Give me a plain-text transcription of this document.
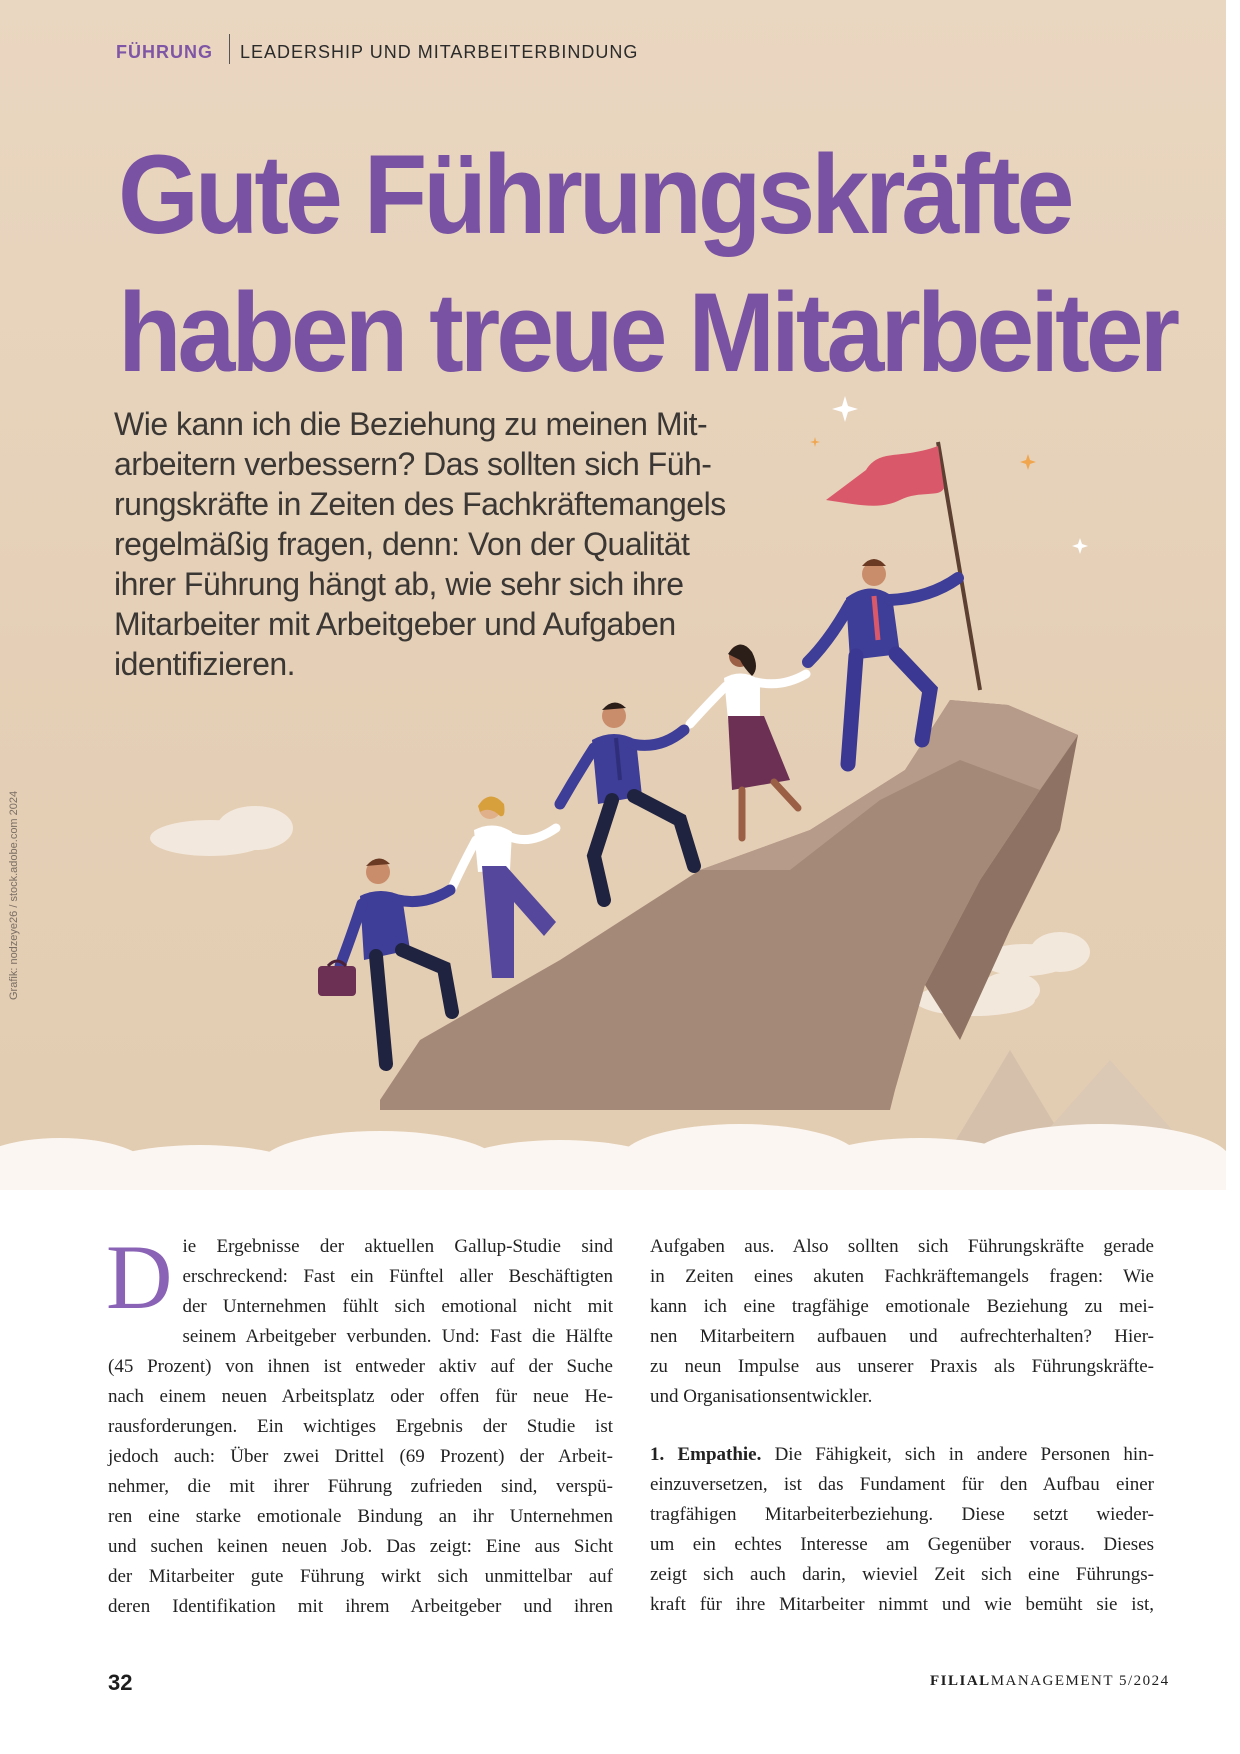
FÜHRUNG LEADERSHIP UND MITARBEITERBINDUNG
Gute Führungskräfte
haben treue Mitarbeiter
Wie kann ich die Beziehung zu meinen Mit-
arbeitern verbessern? Das sollten sich Füh-
rungskräfte in Zeiten des Fachkräftemangels
regelmäßig fragen, denn: Von der Qualität
ihrer Führung hängt ab, wie sehr sich ihre
Mitarbeiter mit Arbeitgeber und Aufgaben
identifizieren.
Grafik: nodzeye26 / stock.adobe.com 2024
D ie Ergebnisse der aktuellen Gallup-Studie sind
erschreckend: Fast ein Fünftel aller Beschäftigten
der Unternehmen fühlt sich emotional nicht mit
seinem Arbeitgeber verbunden. Und: Fast die Hälfte
(45 Prozent) von ihnen ist entweder aktiv auf der Suche
nach einem neuen Arbeitsplatz oder offen für neue He-
rausforderungen. Ein wichtiges Ergebnis der Studie ist
jedoch auch: Über zwei Drittel (69 Prozent) der Arbeit-
nehmer, die mit ihrer Führung zufrieden sind, verspü-
ren eine starke emotionale Bindung an ihr Unternehmen
und suchen keinen neuen Job. Das zeigt: Eine aus Sicht
der Mitarbeiter gute Führung wirkt sich unmittelbar auf
deren Identifikation mit ihrem Arbeitgeber und ihren
Aufgaben aus. Also sollten sich Führungskräfte gerade
in Zeiten eines akuten Fachkräftemangels fragen: Wie
kann ich eine tragfähige emotionale Beziehung zu mei-
nen Mitarbeitern aufbauen und aufrechterhalten? Hier-
zu neun Impulse aus unserer Praxis als Führungskräfte-
und Organisationsentwickler.
1. Empathie. Die Fähigkeit, sich in andere Personen hin-
einzuversetzen, ist das Fundament für den Aufbau einer
tragfähigen Mitarbeiterbeziehung. Diese setzt wieder-
um ein echtes Interesse am Gegenüber voraus. Dieses
zeigt sich auch darin, wieviel Zeit sich eine Führungs-
kraft für ihre Mitarbeiter nimmt und wie bemüht sie ist,
32	FILIALMANAGEMENT 5/2024
